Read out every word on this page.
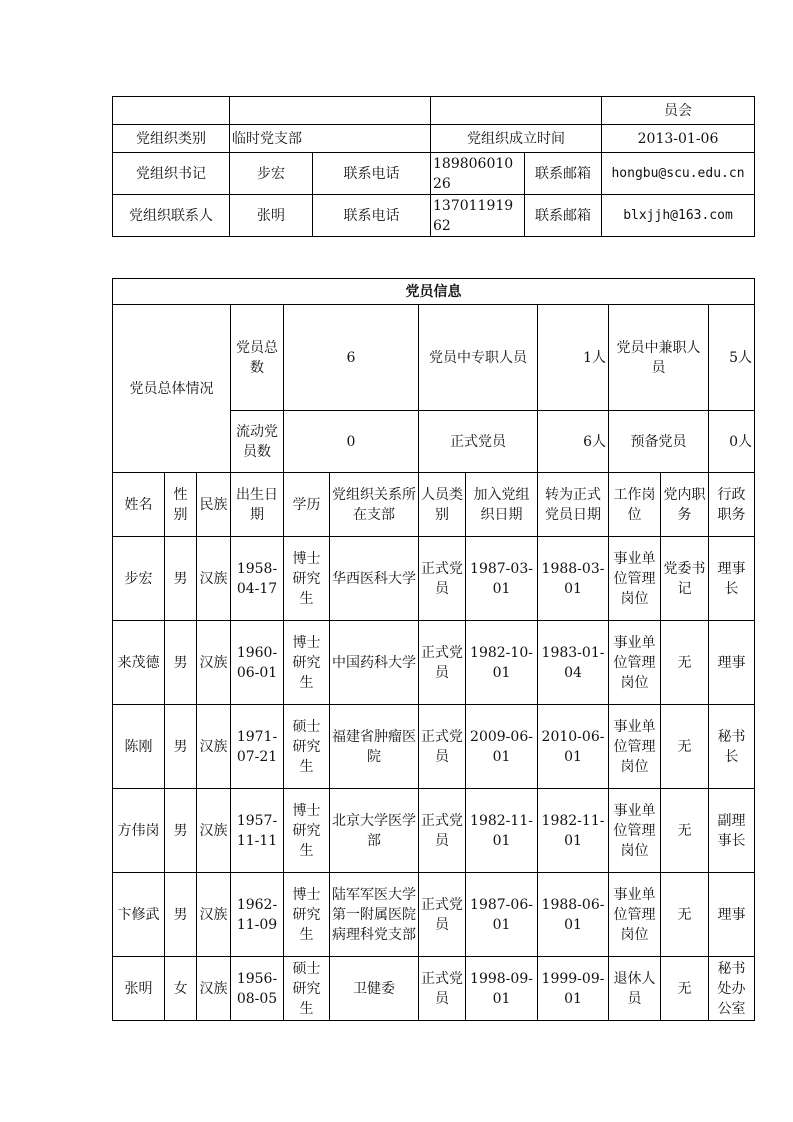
					员会
党组织类别	临时党支部		党组织成立时间		2013-01-06
党组织书记	步宏	联系电话	18980601026	联系邮箱	hongbu@scu.edu.cn
党组织联系人	张明	联系电话	13701191962	联系邮箱	blxjjh@163.com
党员信息											
党员总体情况			党员总数	6		党员中专职人员		1人	党员中兼职人员		5人
			流动党员数	0		正式党员		6人	预备党员		0人
姓名	性别	民族	出生日期	学历	党组织关系所在支部	人员类别	加入党组织日期	转为正式党员日期	工作岗位	党内职务	行政职务
步宏	男	汉族	1958-04-17	博士研究生	华西医科大学	正式党员	1987-03-01	1988-03-01	事业单位管理岗位	党委书记	理事长
来茂德	男	汉族	1960-06-01	博士研究生	中国药科大学	正式党员	1982-10-01	1983-01-04	事业单位管理岗位	无	理事
陈刚	男	汉族	1971-07-21	硕士研究生	福建省肿瘤医院	正式党员	2009-06-01	2010-06-01	事业单位管理岗位	无	秘书长
方伟岗	男	汉族	1957-11-11	博士研究生	北京大学医学部	正式党员	1982-11-01	1982-11-01	事业单位管理岗位	无	副理事长
卞修武	男	汉族	1962-11-09	博士研究生	陆军军医大学第一附属医院病理科党支部	正式党员	1987-06-01	1988-06-01	事业单位管理岗位	无	理事
张明	女	汉族	1956-08-05	硕士研究生	卫健委	正式党员	1998-09-01	1999-09-01	退休人员	无	秘书处办公室
